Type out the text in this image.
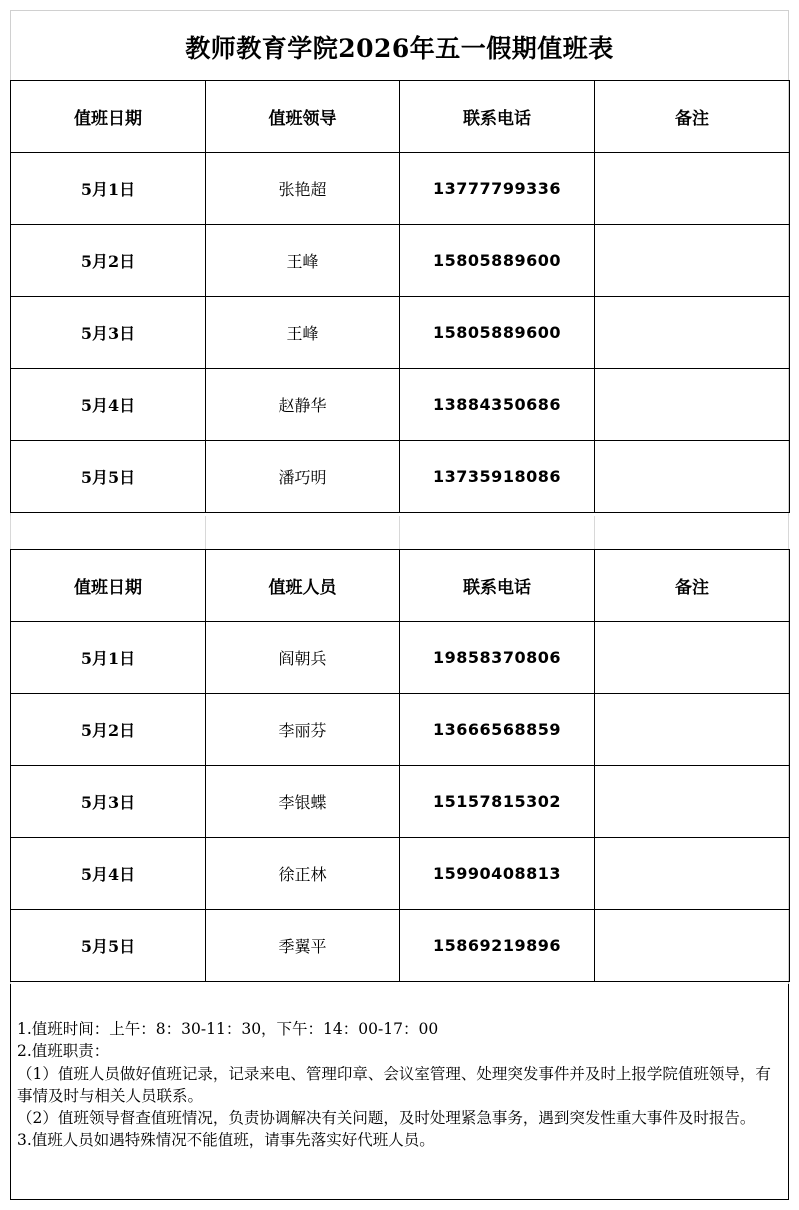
教师教育学院2026年五一假期值班表
值班日期	值班领导	联系电话	备注
5月1日	张艳超	13777799336	
5月2日	王峰	15805889600	
5月3日	王峰	15805889600	
5月4日	赵静华	13884350686	
5月5日	潘巧明	13735918086	
值班日期	值班人员	联系电话	备注
5月1日	阎朝兵	19858370806	
5月2日	李丽芬	13666568859	
5月3日	李银蝶	15157815302	
5月4日	徐正林	15990408813	
5月5日	季翼平	15869219896	

1.值班时间：上午：8：30-11：30，下午：14：00-17：00

2.值班职责：

（1）值班人员做好值班记录，记录来电、管理印章、会议室管理、处理突发事件并及时上报学院值班领导，有事情及时与相关人员联系。

（2）值班领导督查值班情况，负责协调解决有关问题，及时处理紧急事务，遇到突发性重大事件及时报告。

3.值班人员如遇特殊情况不能值班，请事先落实好代班人员。
